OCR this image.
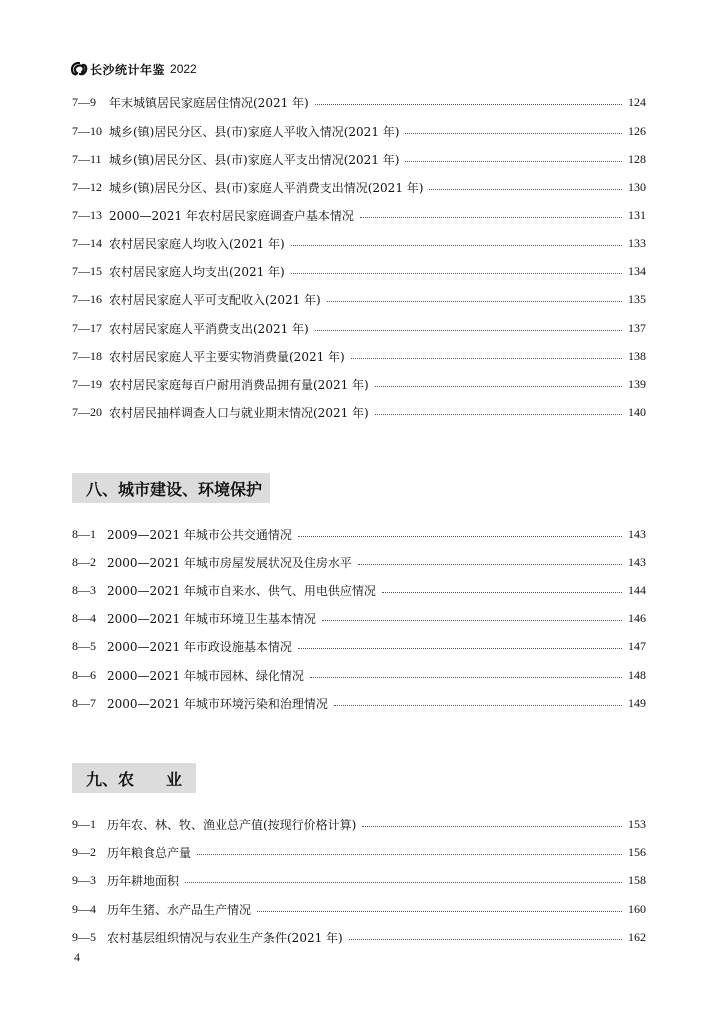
长沙统计年鉴 2022
7—9	年末城镇居民家庭居住情况(2021 年)	124
7—10 城乡(镇)居民分区、县(市)家庭人平收入情况(2021 年)	126
7—11 城乡(镇)居民分区、县(市)家庭人平支出情况(2021 年)	128
7—12 城乡(镇)居民分区、县(市)家庭人平消费支出情况(2021 年)	130
7—13 2000—2021 年农村居民家庭调查户基本情况	131
7—14 农村居民家庭人均收入(2021 年)	133
7—15 农村居民家庭人均支出(2021 年)	134
7—16 农村居民家庭人平可支配收入(2021 年)	135
7—17 农村居民家庭人平消费支出(2021 年)	137
7—18 农村居民家庭人平主要实物消费量(2021 年)	138
7—19 农村居民家庭每百户耐用消费品拥有量(2021 年)	139
7—20 农村居民抽样调查人口与就业期末情况(2021 年)	140
八、城市建设、环境保护
8—1 2009—2021 年城市公共交通情况	143
8—2 2000—2021 年城市房屋发展状况及住房水平	143
8—3 2000—2021 年城市自来水、供气、用电供应情况	144
8—4 2000—2021 年城市环境卫生基本情况	146
8—5 2000—2021 年市政设施基本情况	147
8—6 2000—2021 年城市园林、绿化情况	148
8—7 2000—2021 年城市环境污染和治理情况	149
九、农　　业
9—1 历年农、林、牧、渔业总产值(按现行价格计算)	153
9—2 历年粮食总产量	156
9—3 历年耕地面积	158
9—4 历年生猪、水产品生产情况	160
9—5 农村基层组织情况与农业生产条件(2021 年)	162
4
